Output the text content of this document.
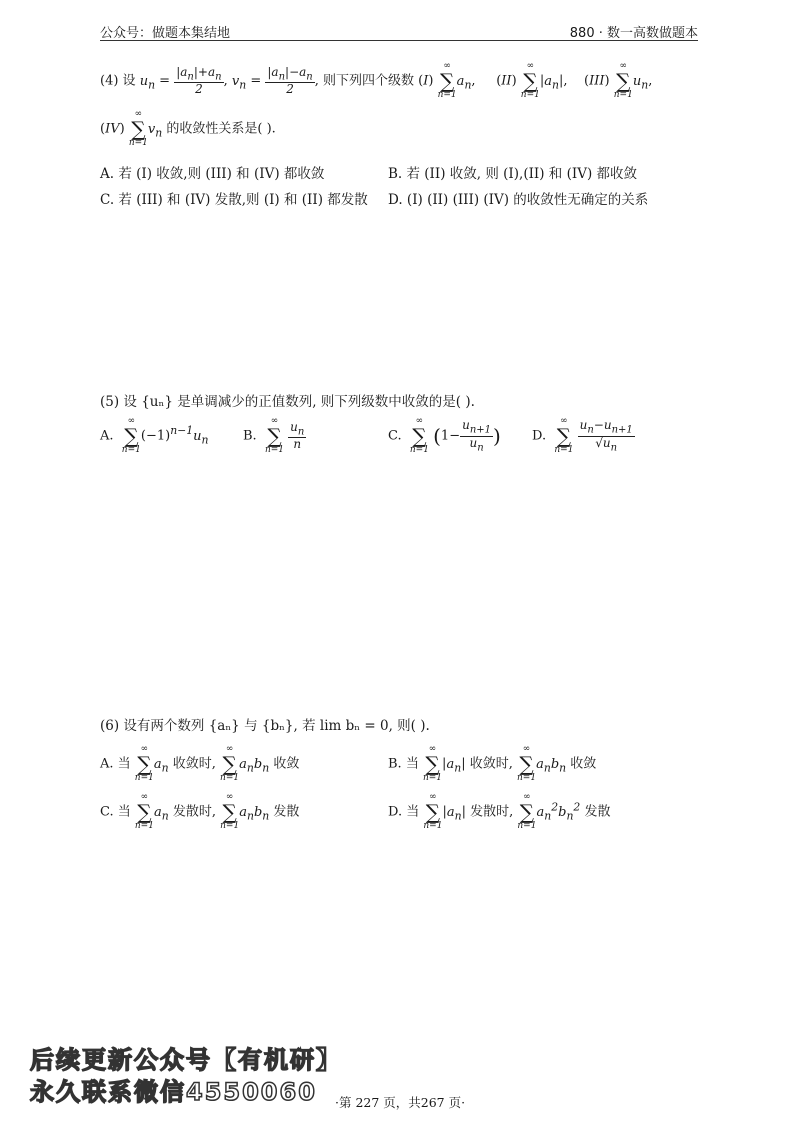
公众号：做题本集结地	880 · 数一高数做题本
(4) 设 $u_n = \frac{|a_n|+a_n}{2}$ , $v_n = \frac{|a_n|-a_n}{2}$ , 则下列四个级数 (I)
∞
∑
n=1
$a_n$,     (II)
∞
∑
n=1
$|a_n|$,    (III)
∞
∑
n=1
$u_n$,
(IV)
∞
∑
n=1
$v_n$ 的收敛性关系是( ).
A. 若 (I) 收敛,则 (III) 和 (IV) 都收敛	B. 若 (II) 收敛, 则 (I),(II) 和 (IV) 都收敛
C. 若 (III) 和 (IV) 发散,则 (I) 和 (II) 都发散 D. (I) (II) (III) (IV) 的收敛性无确定的关系
(5) 设 {uₙ} 是单调减少的正值数列, 则下列级数中收敛的是( ).
A.
∞
∑
n=1
$(-1)^{n-1}u_n$	B.
∞
∑
n=1
$\frac{u_n}{n}$	C.
∞
∑
n=1
($1- \frac{u_{n+1}}{u_n}$ ) D.
∞
∑
n=1
$\frac{u_n-u_{n+1}}{√u_n}$
(6) 设有两个数列 {aₙ} 与 {bₙ}, 若 lim bₙ = 0, 则( ).
A. 当
∞
∑
n=1
$a_n$ 收敛时,
∞
∑
n=1
$a_nb_n$ 收敛	B. 当
∞
∑
n=1
$|a_n|$ 收敛时,
∞
∑
n=1
$a_nb_n$ 收敛
C. 当
∞
∑
n=1
$a_n$ 发散时,
∞
∑
n=1
$a_nb_n$ 发散	D. 当
∞
∑
n=1
$|a_n|$ 发散时,
∞
∑
n=1
$a_n^2b_n^2$ 发散
后续更新公众号【有机研】
永久联系微信4550060 ·第 227 页，共267 页·
